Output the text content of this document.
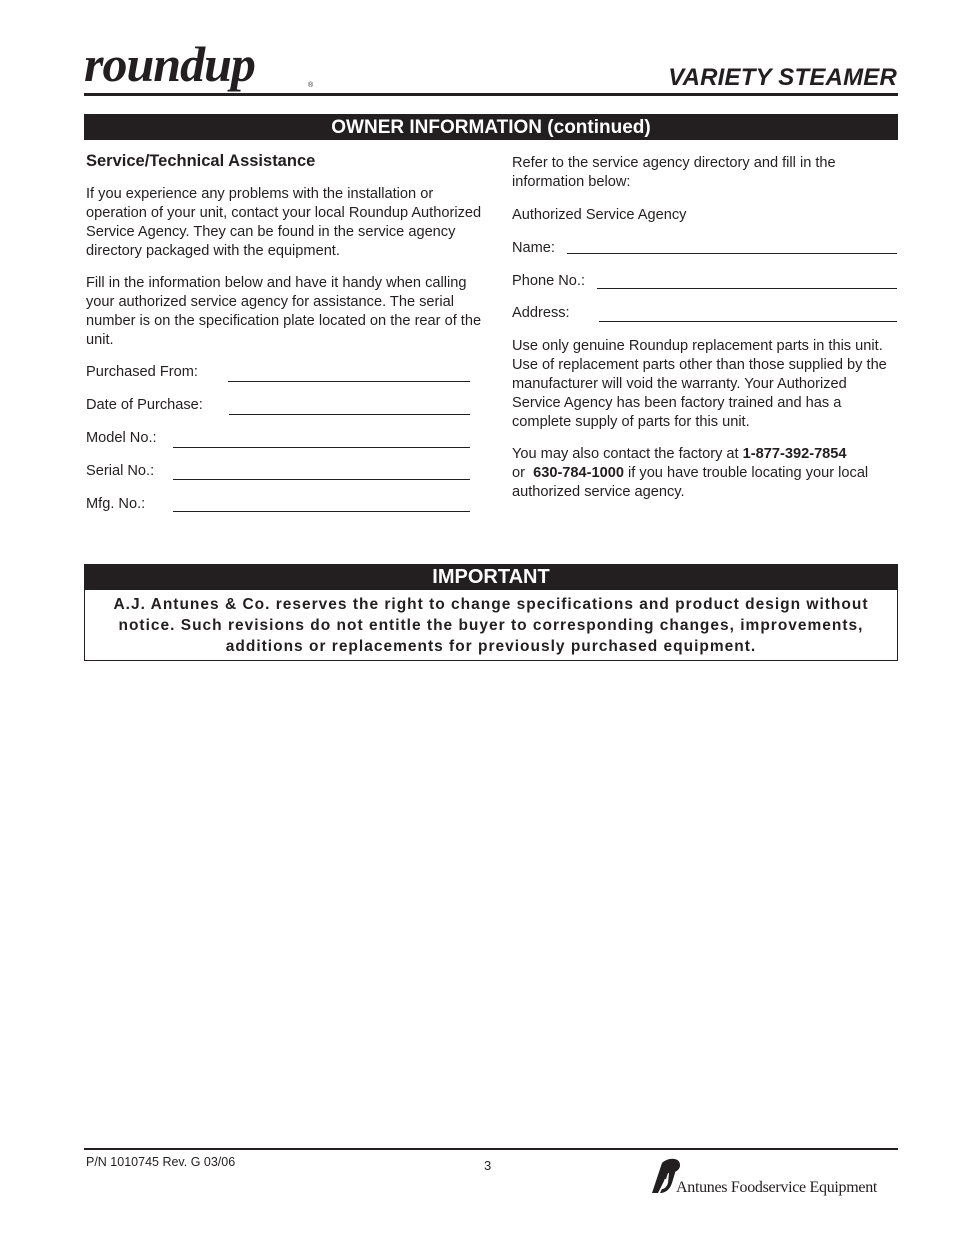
roundup	®	VARIETY STEAMER
OWNER INFORMATION (continued)
Service/Technical Assistance
If you experience any problems with the installation or operation of your unit, contact your local Roundup Authorized Service Agency. They can be found in the service agency directory packaged with the equipment.
Fill in the information below and have it handy when calling your authorized service agency for assistance. The serial number is on the specification plate located on the rear of the unit.
Purchased From:
Date of Purchase:
Model No.:
Serial No.:
Mfg. No.:
Refer to the service agency directory and fill in the information below:
Authorized Service Agency
Name:
Phone No.:
Address:
Use only genuine Roundup replacement parts in this unit. Use of replacement parts other than those supplied by the manufacturer will void the warranty. Your Authorized Service Agency has been factory trained and has a complete supply of parts for this unit.
You may also contact the factory at 1-877-392-7854
or 630-784-1000 if you have trouble locating your local authorized service agency.
IMPORTANT
A.J. Antunes & Co. reserves the right to change specifications and product design without notice. Such revisions do not entitle the buyer to corresponding changes, improvements, additions or replacements for previously purchased equipment.
P/N 1010745 Rev. G 03/06	3
Antunes Foodservice Equipment
